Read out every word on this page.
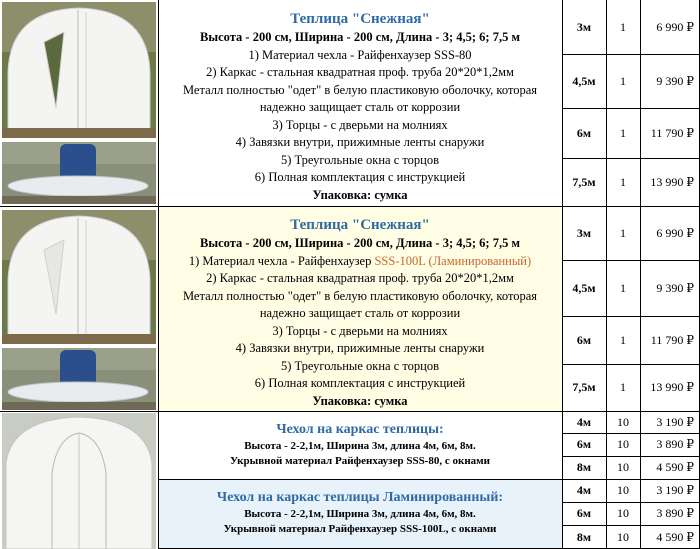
Теплица "Снежная"
Высота - 200 см, Ширина - 200 см, Длина - 3; 4,5; 6; 7,5 м
1) Материал чехла - Райфенхаузер SSS-80
2) Каркас - стальная квадратная проф. труба 20*20*1,2мм
Металл полностью "одет" в белую пластиковую оболочку, которая
надежно защищает сталь от коррозии
3) Торцы - с дверьми на молниях
4) Завязки внутри, прижимные ленты снаружи
5) Треугольные окна с торцов
6) Полная комплектация с инструкцией
Упаковка: сумка
3м	1	6 990 ₽
4,5м	1	9 390 ₽
6м	1	11 790 ₽
7,5м	1	13 990 ₽
Теплица "Снежная"
Высота - 200 см, Ширина - 200 см, Длина - 3; 4,5; 6; 7,5 м
1) Материал чехла - Райфенхаузер SSS-100L (Ламинированный)
2) Каркас - стальная квадратная проф. труба 20*20*1,2мм
Металл полностью "одет" в белую пластиковую оболочку, которая
надежно защищает сталь от коррозии
3) Торцы - с дверьми на молниях
4) Завязки внутри, прижимные ленты снаружи
5) Треугольные окна с торцов
6) Полная комплектация с инструкцией
Упаковка: сумка
3м	1	6 990 ₽
4,5м	1	9 390 ₽
6м	1	11 790 ₽
7,5м	1	13 990 ₽
Чехол на каркас теплицы:
Высота - 2-2,1м, Ширина 3м, длина 4м, 6м, 8м.
Укрывной материал Райфенхаузер SSS-80, с окнами
4м	10	3 190 ₽
6м	10	3 890 ₽
8м	10	4 590 ₽
Чехол на каркас теплицы Ламинированный:
Высота - 2-2,1м, Ширина 3м, длина 4м, 6м, 8м.
Укрывной материал Райфенхаузер SSS-100L, с окнами
4м	10	3 190 ₽
6м	10	3 890 ₽
8м	10	4 590 ₽
